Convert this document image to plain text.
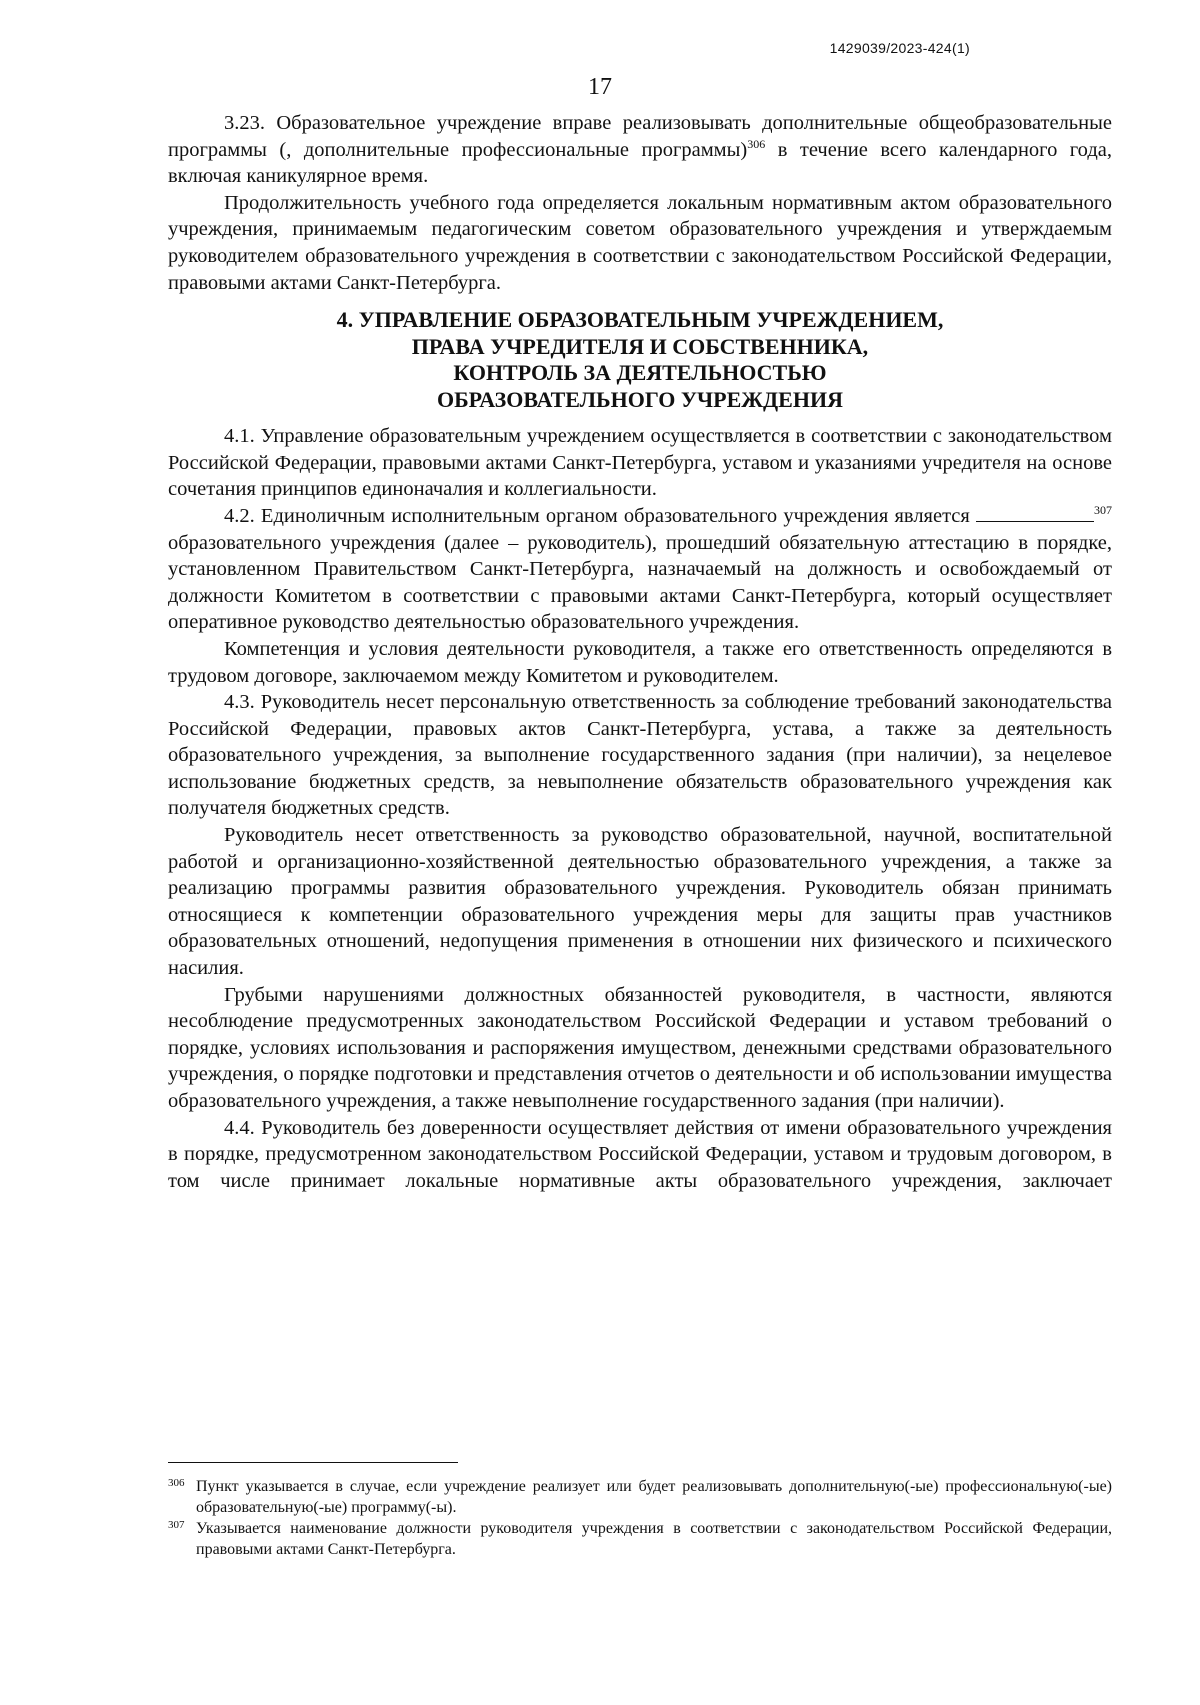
1429039/2023-424(1)
17

3.23. Образовательное учреждение вправе реализовывать дополнительные общеобразовательные программы (, дополнительные профессиональные программы)$^{306}$ в течение всего календарного года, включая каникулярное время.

Продолжительность учебного года определяется локальным нормативным актом образовательного учреждения, принимаемым педагогическим советом образовательного учреждения и утверждаемым руководителем образовательного учреждения в соответствии с законодательством Российской Федерации, правовыми актами Санкт-Петербурга.

4. УПРАВЛЕНИЕ ОБРАЗОВАТЕЛЬНЫМ УЧРЕЖДЕНИЕМ,
ПРАВА УЧРЕДИТЕЛЯ И СОБСТВЕННИКА,
КОНТРОЛЬ ЗА ДЕЯТЕЛЬНОСТЬЮ
ОБРАЗОВАТЕЛЬНОГО УЧРЕЖДЕНИЯ

4.1. Управление образовательным учреждением осуществляется в соответствии с законодательством Российской Федерации, правовыми актами Санкт-Петербурга, уставом и указаниями учредителя на основе сочетания принципов единоначалия и коллегиальности.

4.2. Единоличным исполнительным органом образовательного учреждения является	$^{307}$ образовательного учреждения (далее – руководитель), прошедший обязательную аттестацию в порядке, установленном Правительством Санкт-Петербурга, назначаемый на должность и освобождаемый от должности Комитетом в соответствии с правовыми актами Санкт-Петербурга, который осуществляет оперативное руководство деятельностью образовательного учреждения.

Компетенция и условия деятельности руководителя, а также его ответственность определяются в трудовом договоре, заключаемом между Комитетом и руководителем.

4.3. Руководитель несет персональную ответственность за соблюдение требований законодательства Российской Федерации, правовых актов Санкт-Петербурга, устава, а также за деятельность образовательного учреждения, за выполнение государственного задания (при наличии), за нецелевое использование бюджетных средств, за невыполнение обязательств образовательного учреждения как получателя бюджетных средств.

Руководитель несет ответственность за руководство образовательной, научной, воспитательной работой и организационно-хозяйственной деятельностью образовательного учреждения, а также за реализацию программы развития образовательного учреждения. Руководитель обязан принимать относящиеся к компетенции образовательного учреждения меры для защиты прав участников образовательных отношений, недопущения применения в отношении них физического и психического насилия.

Грубыми нарушениями должностных обязанностей руководителя, в частности, являются несоблюдение предусмотренных законодательством Российской Федерации и уставом требований о порядке, условиях использования и распоряжения имуществом, денежными средствами образовательного учреждения, о порядке подготовки и представления отчетов о деятельности и об использовании имущества образовательного учреждения, а также невыполнение государственного задания (при наличии).

4.4. Руководитель без доверенности осуществляет действия от имени образовательного учреждения в порядке, предусмотренном законодательством Российской Федерации, уставом и трудовым договором, в том числе принимает локальные нормативные акты образовательного учреждения, заключает

306 Пункт указывается в случае, если учреждение реализует или будет реализовывать дополнительную(-ые) профессиональную(-ые) образовательную(-ые) программу(-ы).
307 Указывается наименование должности руководителя учреждения в соответствии с законодательством Российской Федерации, правовыми актами Санкт-Петербурга.
